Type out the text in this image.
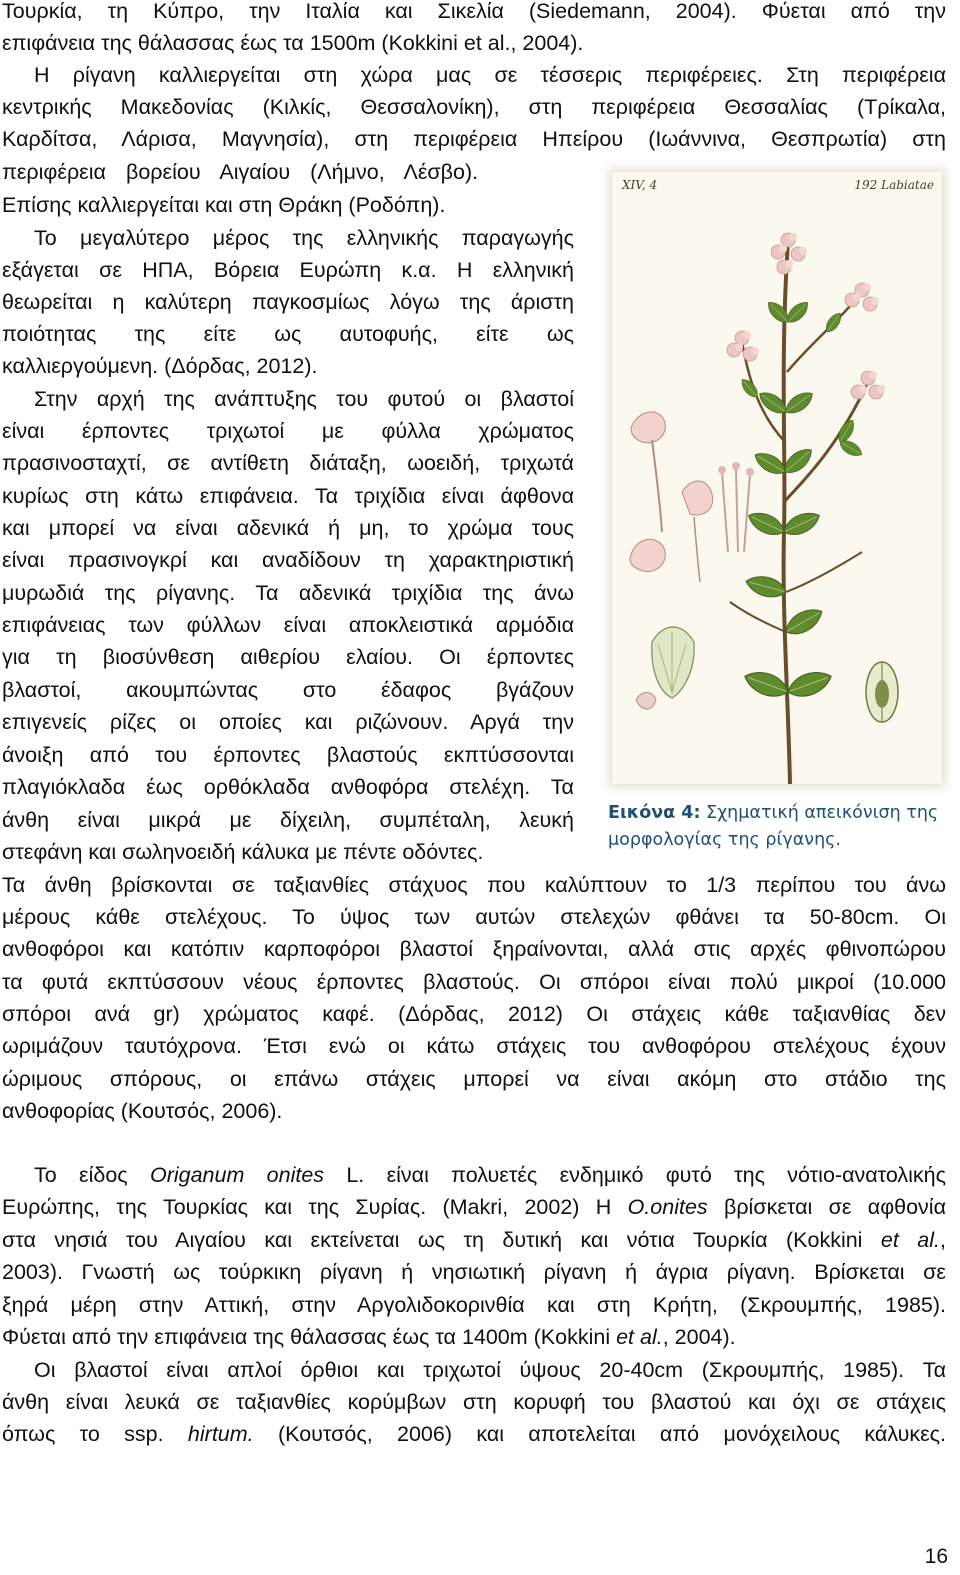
Τουρκία, τη Κύπρο, την Ιταλία και Σικελία (Siedemann, 2004). Φύεται από την

επιφάνεια της θάλασσας έως τα 1500m (Kokkini et al., 2004).

Η ρίγανη καλλιεργείται στη χώρα μας σε τέσσερις περιφέρειες. Στη περιφέρεια

κεντρικής Μακεδονίας (Κιλκίς, Θεσσαλονίκη), στη περιφέρεια Θεσσαλίας (Τρίκαλα,

Καρδίτσα, Λάρισα, Μαγνησία), στη περιφέρεια Ηπείρου (Ιωάννινα, Θεσπρωτία) στη

περιφέρεια βορείου Αιγαίου (Λήμνο, Λέσβο).

Επίσης καλλιεργείται και στη Θράκη (Ροδόπη).

Το μεγαλύτερο μέρος της ελληνικής παραγωγής

εξάγεται σε ΗΠΑ, Βόρεια Ευρώπη κ.α. Η ελληνική

θεωρείται η καλύτερη παγκοσμίως λόγω της άριστη

ποιότητας της είτε ως αυτοφυής, είτε ως

καλλιεργούμενη. (Δόρδας, 2012).

Στην αρχή της ανάπτυξης του φυτού οι βλαστοί

είναι έρποντες τριχωτοί με φύλλα χρώματος

πρασινοσταχτί, σε αντίθετη διάταξη, ωοειδή, τριχωτά

κυρίως στη κάτω επιφάνεια. Τα τριχίδια είναι άφθονα

και μπορεί να είναι αδενικά ή μη, το χρώμα τους

είναι πρασινογκρί και αναδίδουν τη χαρακτηριστική

μυρωδιά της ρίγανης. Τα αδενικά τριχίδια της άνω

επιφάνειας των φύλλων είναι αποκλειστικά αρμόδια

για τη βιοσύνθεση αιθερίου ελαίου. Οι έρποντες

βλαστοί, ακουμπώντας στο έδαφος βγάζουν

επιγενείς ρίζες οι οποίες και ριζώνουν. Αργά την

άνοιξη από του έρποντες βλαστούς εκπτύσσονται

πλαγιόκλαδα έως ορθόκλαδα ανθοφόρα στελέχη. Τα

άνθη είναι μικρά με δίχειλη, συμπέταλη, λευκή

στεφάνη και σωληνοειδή κάλυκα με πέντε οδόντες.

Τα άνθη βρίσκονται σε ταξιανθίες στάχυος που καλύπτουν το 1/3 περίπου του άνω

μέρους κάθε στελέχους. Το ύψος των αυτών στελεχών φθάνει τα 50-80cm. Οι

ανθοφόροι και κατόπιν καρποφόροι βλαστοί ξηραίνονται, αλλά στις αρχές φθινοπώρου

τα φυτά εκπτύσσουν νέους έρποντες βλαστούς. Οι σπόροι είναι πολύ μικροί (10.000

σπόροι ανά gr) χρώματος καφέ. (Δόρδας, 2012) Οι στάχεις κάθε ταξιανθίας δεν

ωριμάζουν ταυτόχρονα. Έτσι ενώ οι κάτω στάχεις του ανθοφόρου στελέχους έχουν

ώριμους σπόρους, οι επάνω στάχεις μπορεί να είναι ακόμη στο στάδιο της

ανθοφορίας (Κουτσός, 2006).

Το είδος Origanum onites L. είναι πολυετές ενδημικό φυτό της νότιο-ανατολικής

Ευρώπης, της Τουρκίας και της Συρίας. (Makri, 2002) Η O.onites βρίσκεται σε αφθονία

στα νησιά του Αιγαίου και εκτείνεται ως τη δυτική και νότια Τουρκία (Kokkini et al.,

2003). Γνωστή ως τούρκικη ρίγανη ή νησιωτική ρίγανη ή άγρια ρίγανη. Βρίσκεται σε

ξηρά μέρη στην Αττική, στην Αργολιδοκορινθία και στη Κρήτη, (Σκρουμπής, 1985).

Φύεται από την επιφάνεια της θάλασσας έως τα 1400m (Kokkini et al., 2004).

Οι βλαστοί είναι απλοί όρθιοι και τριχωτοί ύψους 20-40cm (Σκρουμπής, 1985). Τα

άνθη είναι λευκά σε ταξιανθίες κορύμβων στη κορυφή του βλαστού και όχι σε στάχεις

όπως το ssp. hirtum. (Κουτσός, 2006) και αποτελείται από μονόχειλους κάλυκες.

XIV, 4	192 Labiatae
Εικόνα 4: Σχηματική απεικόνιση της μορφολογίας της ρίγανης.
16
